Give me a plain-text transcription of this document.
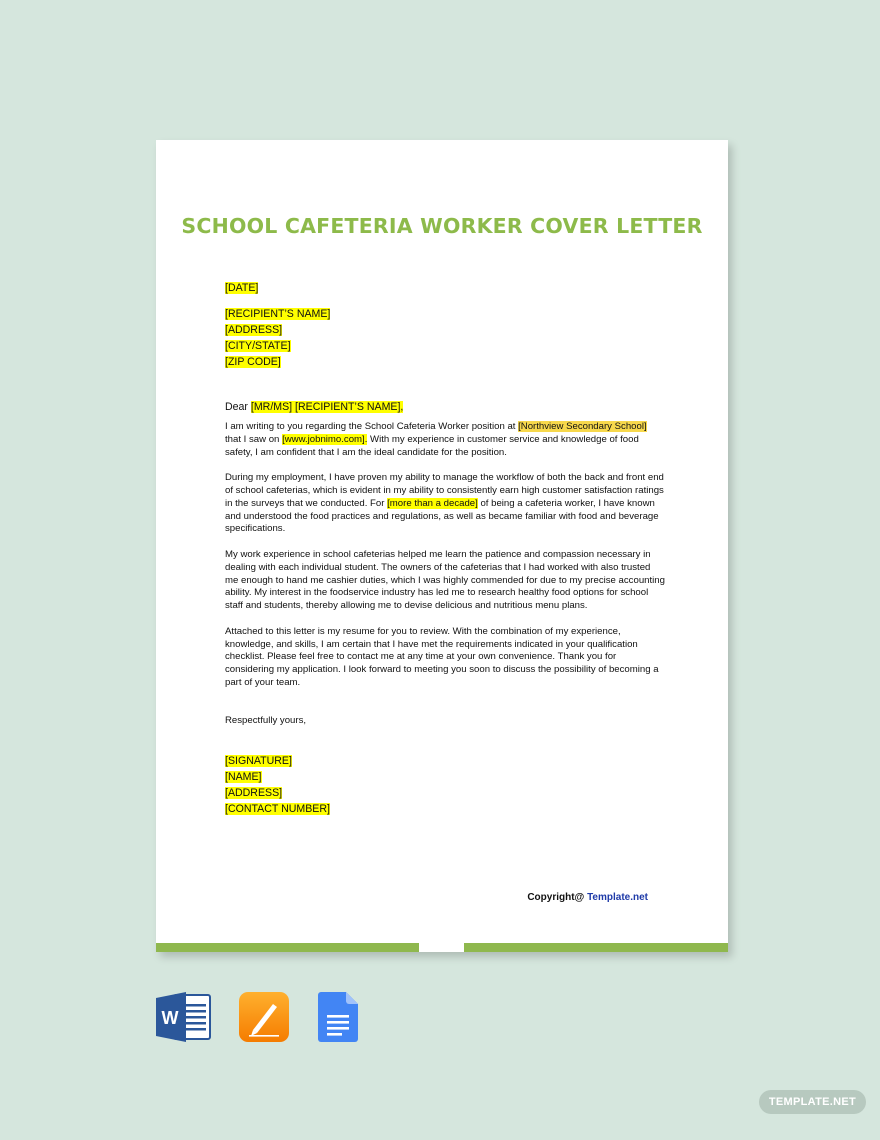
SCHOOL CAFETERIA WORKER COVER LETTER
[DATE]
[RECIPIENT’S NAME]
[ADDRESS]
[CITY/STATE]
[ZIP CODE]
Dear [MR/MS] [RECIPIENT’S NAME],

I am writing to you regarding the School Cafeteria Worker position at [Northview Secondary School] that I saw on [www.jobnimo.com]. With my experience in customer service and knowledge of food safety, I am confident that I am the ideal candidate for the position.

During my employment, I have proven my ability to manage the workflow of both the back and front end of school cafeterias, which is evident in my ability to consistently earn high customer satisfaction ratings in the surveys that we conducted. For [more than a decade] of being a cafeteria worker, I have known and understood the food practices and regulations, as well as became familiar with food and beverage specifications.

My work experience in school cafeterias helped me learn the patience and compassion necessary in dealing with each individual student. The owners of the cafeterias that I had worked with also trusted me enough to hand me cashier duties, which I was highly commended for due to my precise accounting ability. My interest in the foodservice industry has led me to research healthy food options for school staff and students, thereby allowing me to devise delicious and nutritious menu plans.

Attached to this letter is my resume for you to review. With the combination of my experience, knowledge, and skills, I am certain that I have met the requirements indicated in your qualification checklist. Please feel free to contact me at any time at your own convenience. Thank you for considering my application. I look forward to meeting you soon to discuss the possibility of becoming a part of your team.

Respectfully yours,
[SIGNATURE]
[NAME]
[ADDRESS]
[CONTACT NUMBER]
Copyright@ Template.net
W
TEMPLATE.NET
